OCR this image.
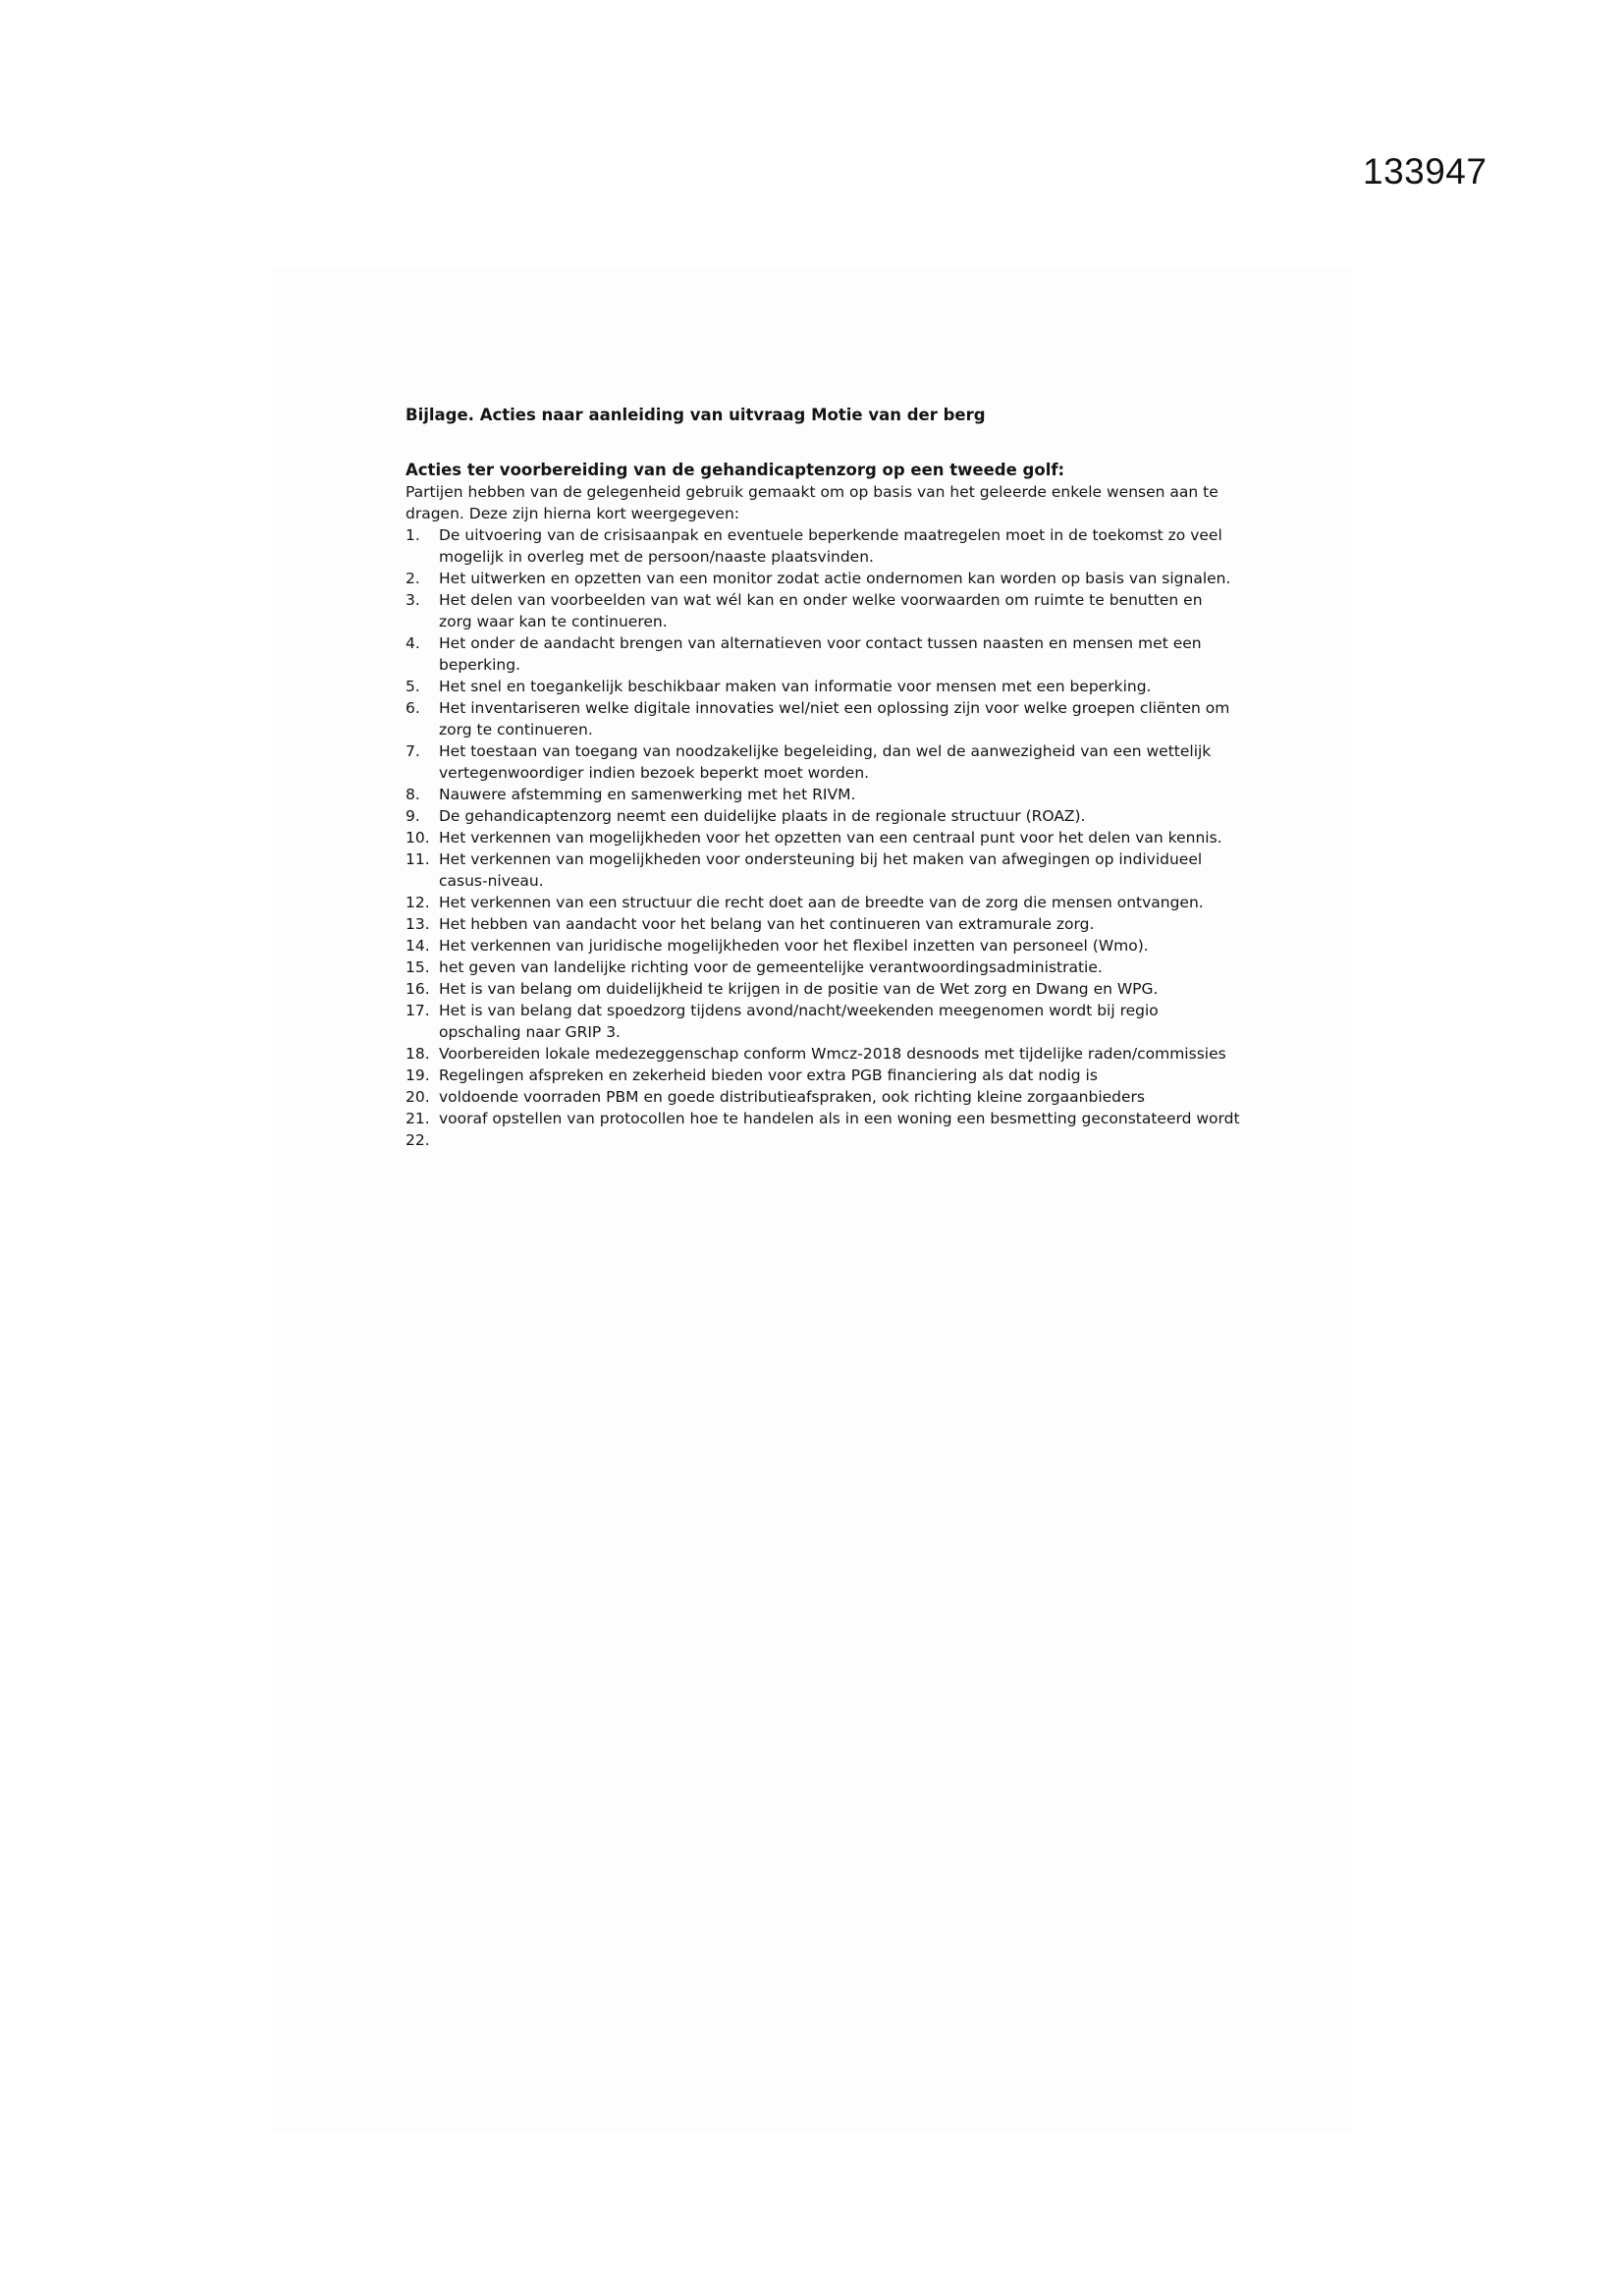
133947

Bijlage. Acties naar aanleiding van uitvraag Motie van der berg

Acties ter voorbereiding van de gehandicaptenzorg op een tweede golf:

Partijen hebben van de gelegenheid gebruik gemaakt om op basis van het geleerde enkele wensen aan te dragen. Deze zijn hierna kort weergegeven:

1.	De uitvoering van de crisisaanpak en eventuele beperkende maatregelen moet in de toekomst zo veel mogelijk in overleg met de persoon/naaste plaatsvinden.
2.	Het uitwerken en opzetten van een monitor zodat actie ondernomen kan worden op basis van signalen.
3.	Het delen van voorbeelden van wat wél kan en onder welke voorwaarden om ruimte te benutten en zorg waar kan te continueren.
4.	Het onder de aandacht brengen van alternatieven voor contact tussen naasten en mensen met een beperking.
5.	Het snel en toegankelijk beschikbaar maken van informatie voor mensen met een beperking.
6.	Het inventariseren welke digitale innovaties wel/niet een oplossing zijn voor welke groepen cliënten om zorg te continueren.
7.	Het toestaan van toegang van noodzakelijke begeleiding, dan wel de aanwezigheid van een wettelijk vertegenwoordiger indien bezoek beperkt moet worden.
8.	Nauwere afstemming en samenwerking met het RIVM.
9.	De gehandicaptenzorg neemt een duidelijke plaats in de regionale structuur (ROAZ).
10. Het verkennen van mogelijkheden voor het opzetten van een centraal punt voor het delen van kennis.
11. Het verkennen van mogelijkheden voor ondersteuning bij het maken van afwegingen op individueel casus-niveau.
12. Het verkennen van een structuur die recht doet aan de breedte van de zorg die mensen ontvangen.
13. Het hebben van aandacht voor het belang van het continueren van extramurale zorg.
14. Het verkennen van juridische mogelijkheden voor het flexibel inzetten van personeel (Wmo).
15. het geven van landelijke richting voor de gemeentelijke verantwoordingsadministratie.
16. Het is van belang om duidelijkheid te krijgen in de positie van de Wet zorg en Dwang en WPG.
17. Het is van belang dat spoedzorg tijdens avond/nacht/weekenden meegenomen wordt bij regio opschaling naar GRIP 3.
18. Voorbereiden lokale medezeggenschap conform Wmcz-2018 desnoods met tijdelijke raden/commissies
19. Regelingen afspreken en zekerheid bieden voor extra PGB financiering als dat nodig is
20. voldoende voorraden PBM en goede distributieafspraken, ook richting kleine zorgaanbieders
21. vooraf opstellen van protocollen hoe te handelen als in een woning een besmetting geconstateerd wordt
22.
